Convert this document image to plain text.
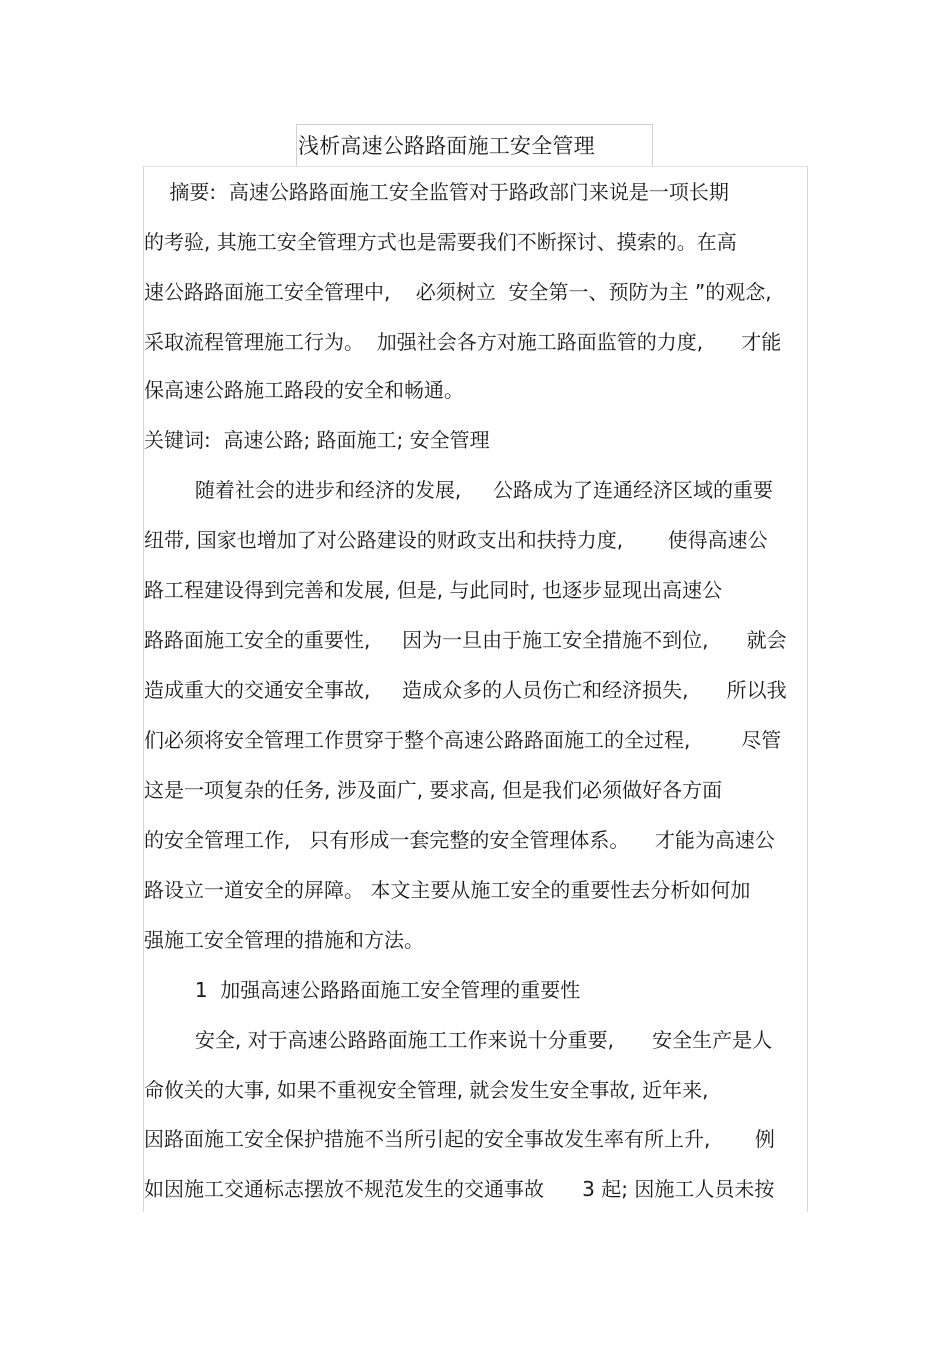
浅析高速公路路面施工安全管理
摘要:  高速公路路面施工安全监管对于路政部门来说是一项长期
的考验, 其施工安全管理方式也是需要我们不断探讨、摸索的。在高
速公路路面施工安全管理中,    必须树立  安全第一、预防为主 ”的观念,
采取流程管理施工行为。  加强社会各方对施工路面监管的力度,      才能
保高速公路施工路段的安全和畅通。
关键词:  高速公路; 路面施工; 安全管理
随着社会的进步和经济的发展,     公路成为了连通经济区域的重要
纽带, 国家也增加了对公路建设的财政支出和扶持力度,       使得高速公
路工程建设得到完善和发展, 但是, 与此同时, 也逐步显现出高速公
路路面施工安全的重要性,     因为一旦由于施工安全措施不到位,      就会
造成重大的交通安全事故,     造成众多的人员伤亡和经济损失,      所以我
们必须将安全管理工作贯穿于整个高速公路路面施工的全过程,        尽管
这是一项复杂的任务, 涉及面广, 要求高, 但是我们必须做好各方面
的安全管理工作,   只有形成一套完整的安全管理体系。    才能为高速公
路设立一道安全的屏障。 本文主要从施工安全的重要性去分析如何加
强施工安全管理的措施和方法。
1  加强高速公路路面施工安全管理的重要性
安全, 对于高速公路路面施工工作来说十分重要,      安全生产是人
命攸关的大事, 如果不重视安全管理, 就会发生安全事故, 近年来,
因路面施工安全保护措施不当所引起的安全事故发生率有所上升,       例
如因施工交通标志摆放不规范发生的交通事故      3 起; 因施工人员未按
